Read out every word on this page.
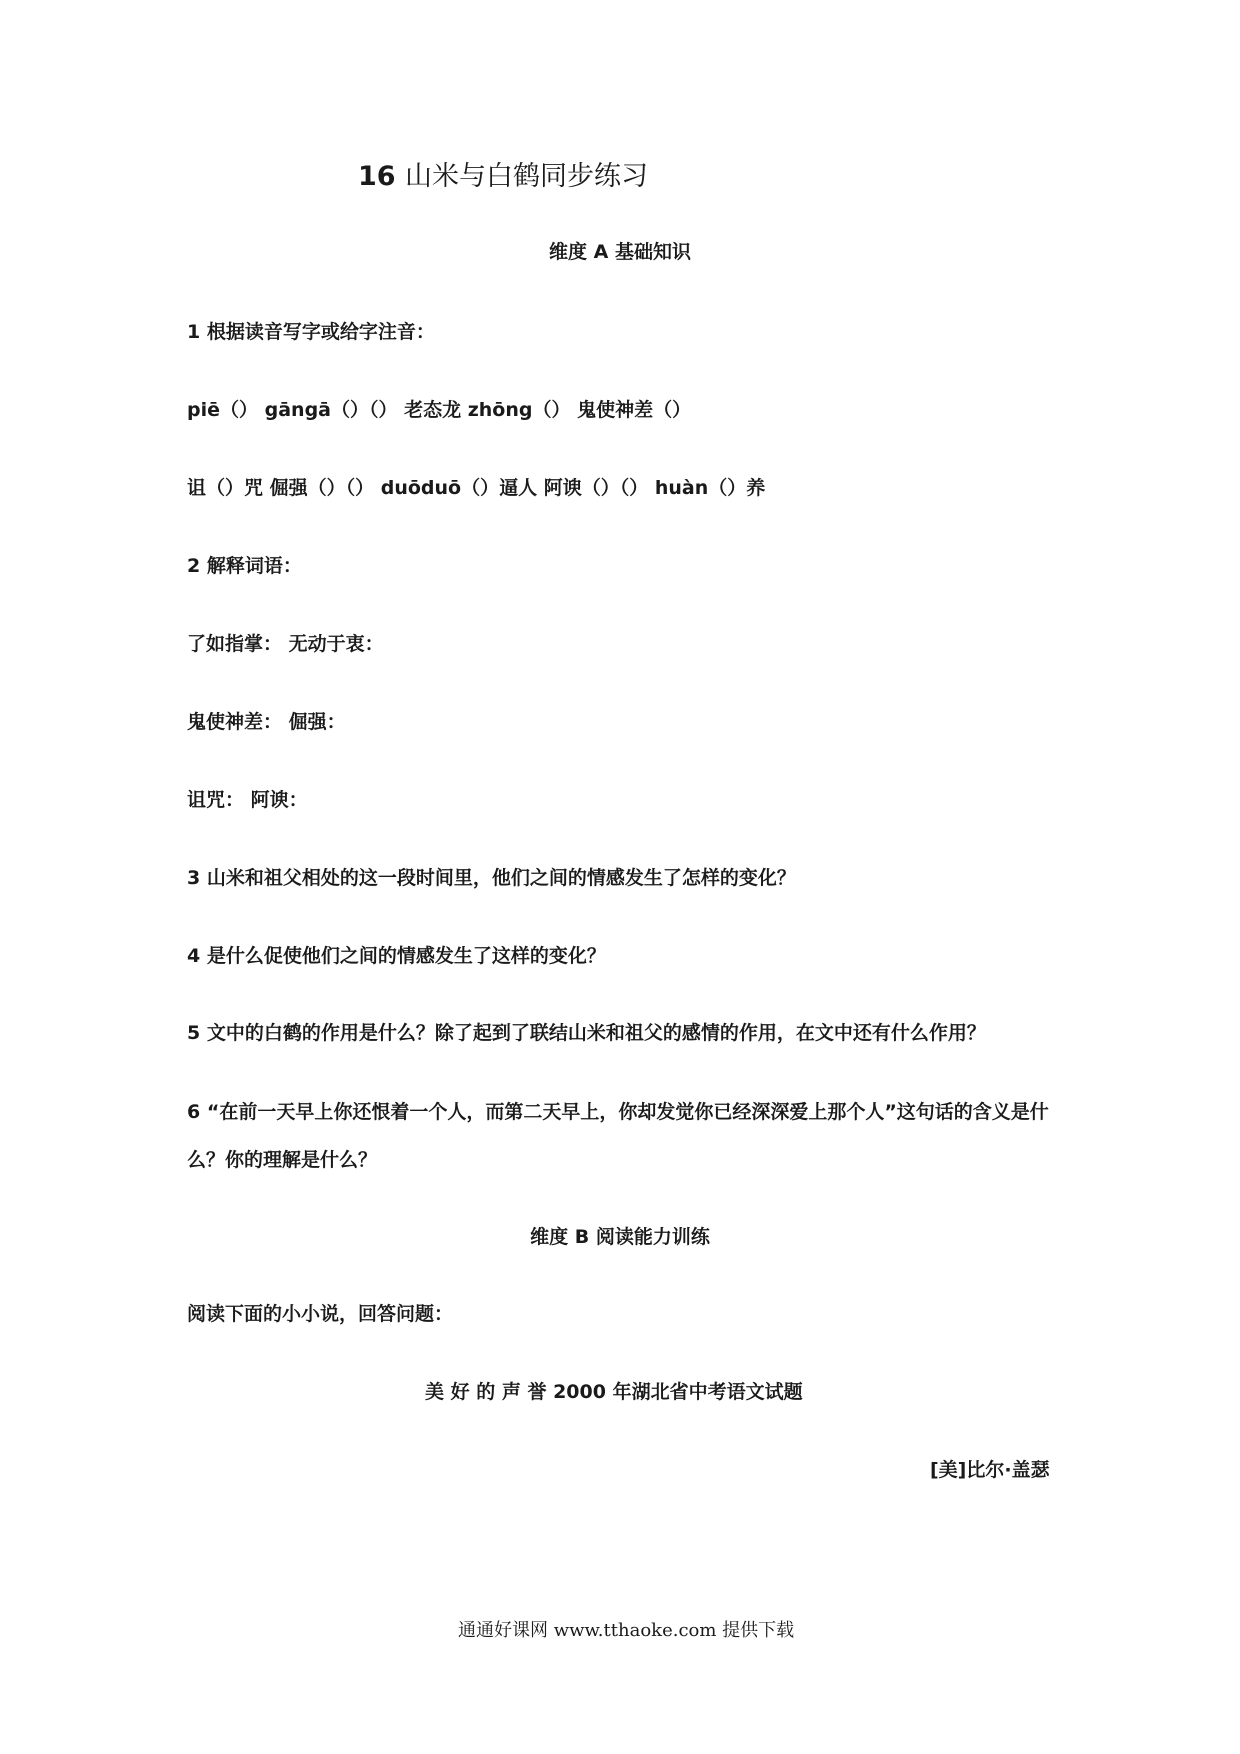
16 山米与白鹤同步练习
维度 A 基础知识
1 根据读音写字或给字注音：
piē（） gāngā（）（） 老态龙 zhōng（） 鬼使神差（）
诅（）咒 倔强（）（） duōduō（）逼人 阿谀（）（） huàn（）养
2 解释词语：
了如指掌： 无动于衷：
鬼使神差： 倔强：
诅咒： 阿谀：
3 山米和祖父相处的这一段时间里，他们之间的情感发生了怎样的变化？
4 是什么促使他们之间的情感发生了这样的变化？
5 文中的白鹤的作用是什么？除了起到了联结山米和祖父的感情的作用，在文中还有什么作用？
6 “在前一天早上你还恨着一个人，而第二天早上，你却发觉你已经深深爱上那个人”这句话的含义是什
么？你的理解是什么？
维度 B 阅读能力训练
阅读下面的小小说，回答问题：
美 好 的 声 誉 2000 年湖北省中考语文试题
[美]比尔·盖瑟
通通好课网 www.tthaoke.com 提供下载
